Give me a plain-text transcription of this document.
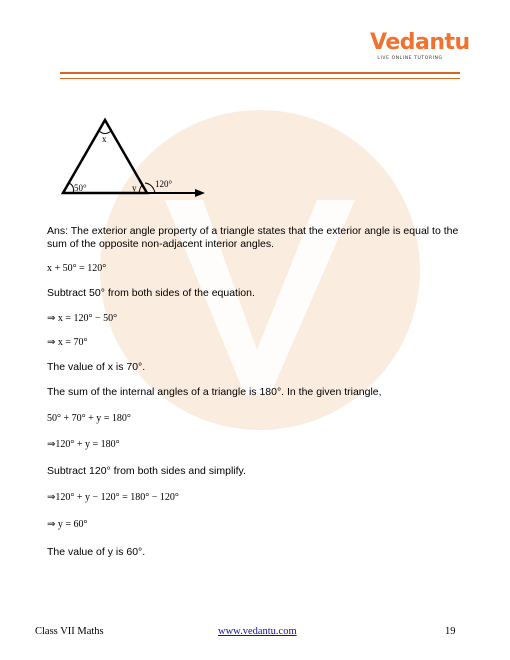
Vedantu
LIVE ONLINE TUTORING
x
50°	y 120°
Ans: The exterior angle property of a triangle states that the exterior angle is equal to the sum of the opposite non-adjacent interior angles.
x + 50° = 120°
Subtract 50° from both sides of the equation.
⇒ x = 120° − 50°
⇒ x = 70°
The value of x is 70°.
The sum of the internal angles of a triangle is 180°. In the given triangle,
50° + 70° + y = 180°
⇒120° + y = 180°
Subtract 120° from both sides and simplify.
⇒120° + y − 120° = 180° − 120°
⇒ y = 60°
The value of y is 60°.
Class VII Maths	www.vedantu.com	19
